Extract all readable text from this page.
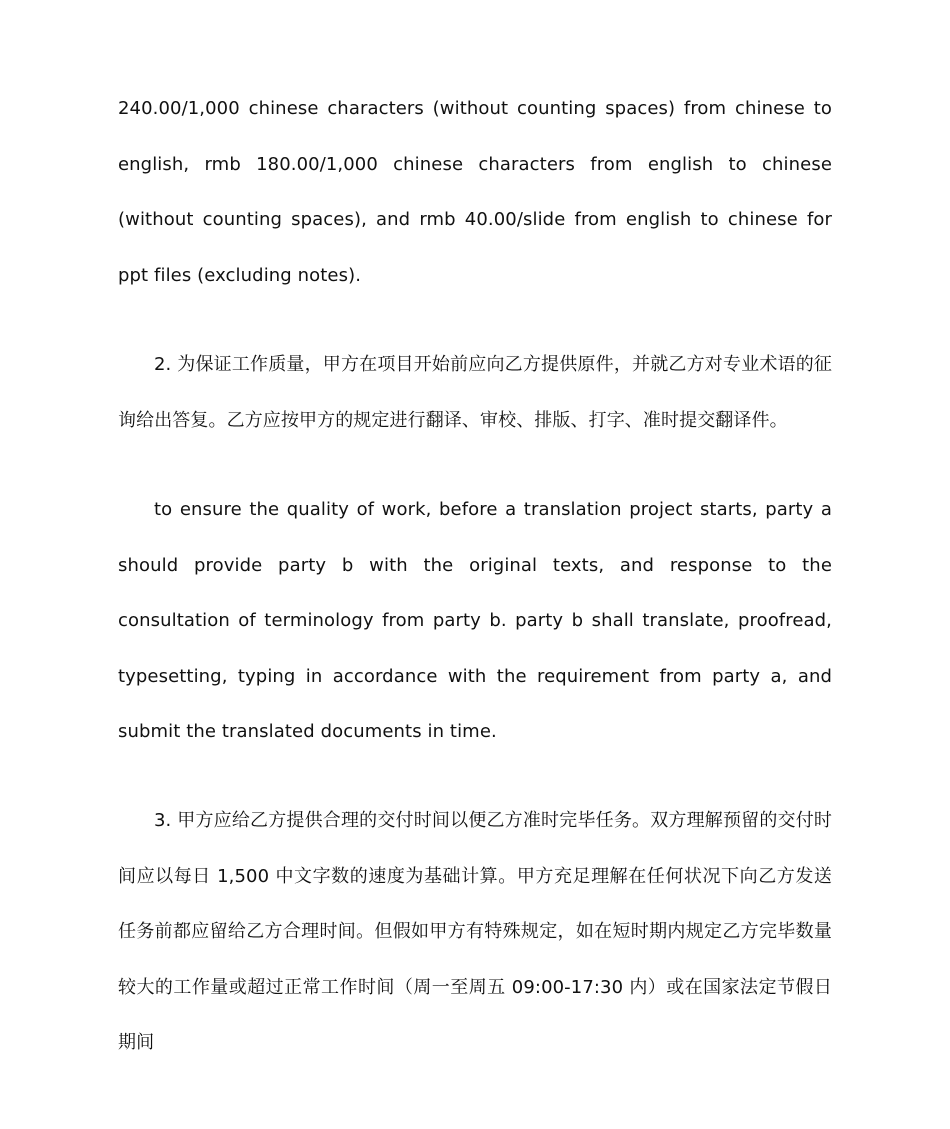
240.00/1,000 chinese characters (without counting spaces) from chinese to english, rmb 180.00/1,000 chinese characters from english to chinese (without counting spaces), and rmb 40.00/slide from english to chinese for ppt files (excluding notes).

2. 为保证工作质量，甲方在项目开始前应向乙方提供原件，并就乙方对专业术语的征询给出答复。乙方应按甲方的规定进行翻译、审校、排版、打字、准时提交翻译件。

to ensure the quality of work, before a translation project starts, party a should provide party b with the original texts, and response to the consultation of terminology from party b. party b shall translate, proofread, typesetting, typing in accordance with the requirement from party a, and submit the translated documents in time.

3. 甲方应给乙方提供合理的交付时间以便乙方准时完毕任务。双方理解预留的交付时间应以每日 1,500 中文字数的速度为基础计算。甲方充足理解在任何状况下向乙方发送任务前都应留给乙方合理时间。但假如甲方有特殊规定，如在短时期内规定乙方完毕数量较大的工作量或超过正常工作时间（周一至周五 09:00-17:30 内）或在国家法定节假日期间
